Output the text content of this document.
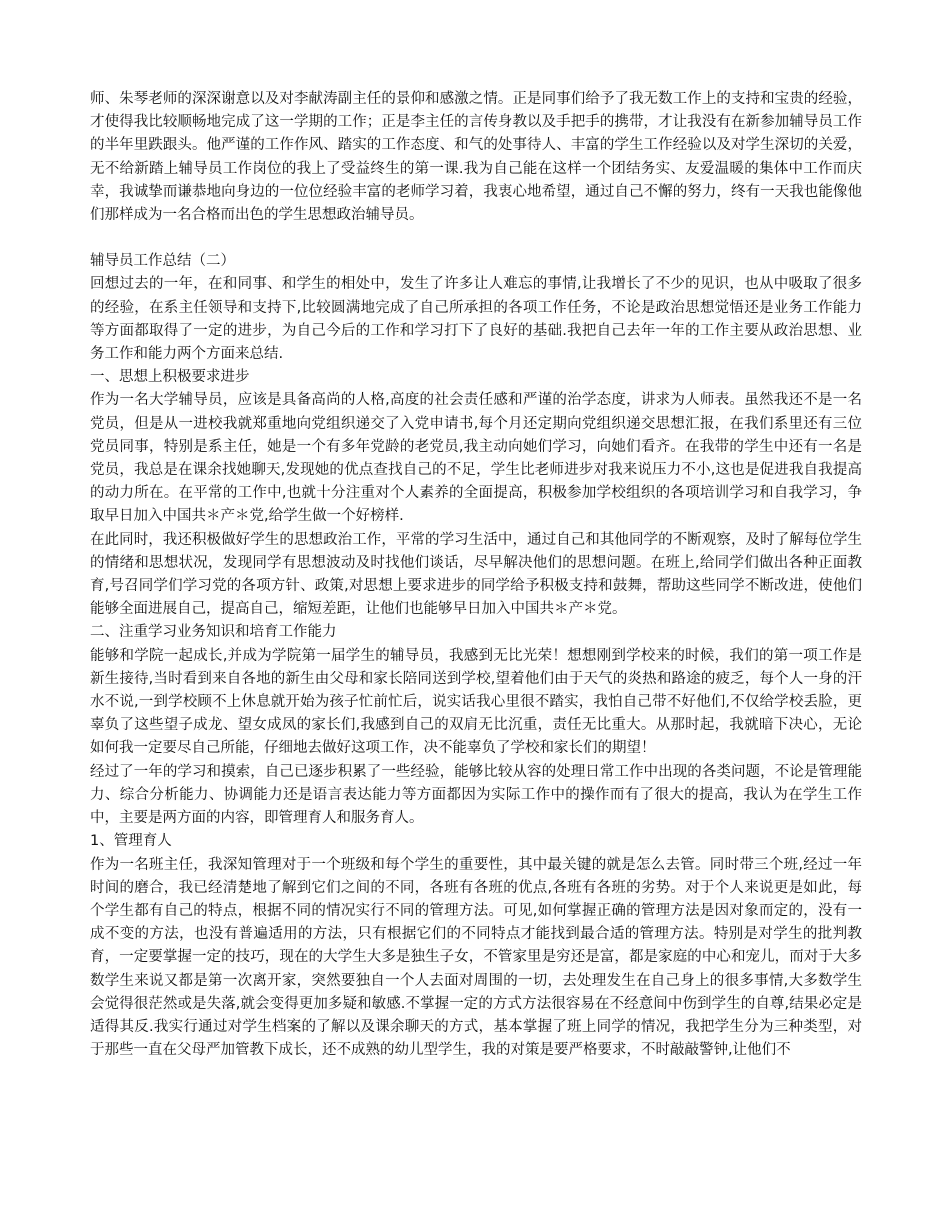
师、朱琴老师的深深谢意以及对李献涛副主任的景仰和感激之情。正是同事们给予了我无数工作上的支持和宝贵的经验，才使得我比较顺畅地完成了这一学期的工作；正是李主任的言传身教以及手把手的携带，才让我没有在新参加辅导员工作的半年里跌跟头。他严谨的工作作风、踏实的工作态度、和气的处事待人、丰富的学生工作经验以及对学生深切的关爱，无不给新踏上辅导员工作岗位的我上了受益终生的第一课.我为自己能在这样一个团结务实、友爱温暖的集体中工作而庆幸，我诚挚而谦恭地向身边的一位位经验丰富的老师学习着，我衷心地希望，通过自己不懈的努力，终有一天我也能像他们那样成为一名合格而出色的学生思想政治辅导员。

辅导员工作总结（二）

回想过去的一年，在和同事、和学生的相处中，发生了许多让人难忘的事情,让我增长了不少的见识，也从中吸取了很多的经验，在系主任领导和支持下,比较圆满地完成了自己所承担的各项工作任务，不论是政治思想觉悟还是业务工作能力等方面都取得了一定的进步，为自己今后的工作和学习打下了良好的基础.我把自己去年一年的工作主要从政治思想、业务工作和能力两个方面来总结.

一、思想上积极要求进步

作为一名大学辅导员，应该是具备高尚的人格,高度的社会责任感和严谨的治学态度，讲求为人师表。虽然我还不是一名党员，但是从一进校我就郑重地向党组织递交了入党申请书,每个月还定期向党组织递交思想汇报，在我们系里还有三位党员同事，特别是系主任，她是一个有多年党龄的老党员,我主动向她们学习，向她们看齐。在我带的学生中还有一名是党员，我总是在课余找她聊天,发现她的优点查找自己的不足，学生比老师进步对我来说压力不小,这也是促进我自我提高的动力所在。在平常的工作中,也就十分注重对个人素养的全面提高，积极参加学校组织的各项培训学习和自我学习，争取早日加入中国共＊产＊党,给学生做一个好榜样.

在此同时，我还积极做好学生的思想政治工作，平常的学习生活中，通过自己和其他同学的不断观察，及时了解每位学生的情绪和思想状况，发现同学有思想波动及时找他们谈话，尽早解决他们的思想问题。在班上,给同学们做出各种正面教育,号召同学们学习党的各项方针、政策,对思想上要求进步的同学给予积极支持和鼓舞，帮助这些同学不断改进，使他们能够全面进展自己，提高自己，缩短差距，让他们也能够早日加入中国共＊产＊党。

二、注重学习业务知识和培育工作能力

能够和学院一起成长,并成为学院第一届学生的辅导员，我感到无比光荣！想想刚到学校来的时候，我们的第一项工作是新生接待,当时看到来自各地的新生由父母和家长陪同送到学校,望着他们由于天气的炎热和路途的疲乏，每个人一身的汗水不说,一到学校顾不上休息就开始为孩子忙前忙后，说实话我心里很不踏实，我怕自己带不好他们,不仅给学校丢脸，更辜负了这些望子成龙、望女成凤的家长们,我感到自己的双肩无比沉重，责任无比重大。从那时起，我就暗下决心，无论如何我一定要尽自己所能，仔细地去做好这项工作，决不能辜负了学校和家长们的期望！

经过了一年的学习和摸索，自己已逐步积累了一些经验，能够比较从容的处理日常工作中出现的各类问题，不论是管理能力、综合分析能力、协调能力还是语言表达能力等方面都因为实际工作中的操作而有了很大的提高，我认为在学生工作中，主要是两方面的内容，即管理育人和服务育人。

1、管理育人

作为一名班主任，我深知管理对于一个班级和每个学生的重要性，其中最关键的就是怎么去管。同时带三个班,经过一年时间的磨合，我已经清楚地了解到它们之间的不同，各班有各班的优点,各班有各班的劣势。对于个人来说更是如此，每个学生都有自己的特点，根据不同的情况实行不同的管理方法。可见,如何掌握正确的管理方法是因对象而定的，没有一成不变的方法，也没有普遍适用的方法，只有根据它们的不同特点才能找到最合适的管理方法。特别是对学生的批判教育，一定要掌握一定的技巧，现在的大学生大多是独生子女，不管家里是穷还是富，都是家庭的中心和宠儿，而对于大多数学生来说又都是第一次离开家，突然要独自一个人去面对周围的一切，去处理发生在自己身上的很多事情,大多数学生会觉得很茫然或是失落,就会变得更加多疑和敏感.不掌握一定的方式方法很容易在不经意间中伤到学生的自尊,结果必定是适得其反.我实行通过对学生档案的了解以及课余聊天的方式，基本掌握了班上同学的情况，我把学生分为三种类型，对于那些一直在父母严加管教下成长，还不成熟的幼儿型学生，我的对策是要严格要求，不时敲敲警钟,让他们不
